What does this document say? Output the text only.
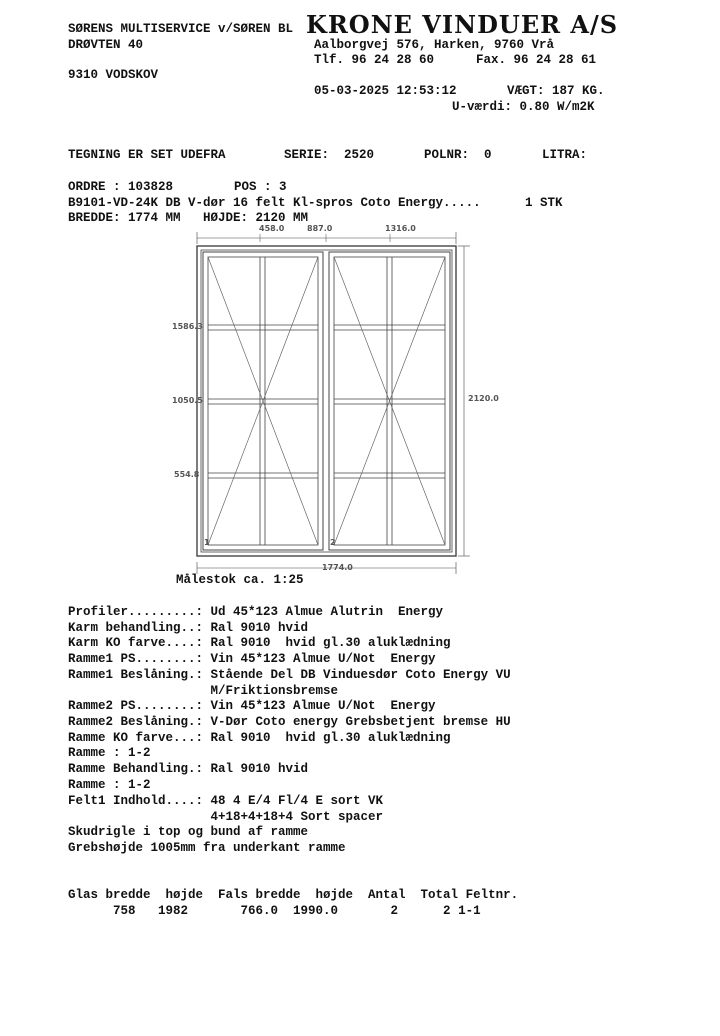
SØRENS MULTISERVICE v/SØREN BL
DRØVTEN 40
9310 VODSKOV
KRONE VINDUER A/S
Aalborgvej 576, Harken, 9760 Vrå
Tlf. 96 24 28 60	Fax. 96 24 28 61
05-03-2025 12:53:12	VÆGT: 187 KG.
U-værdi: 0.80 W/m2K
TEGNING ER SET UDEFRA	SERIE:  2520	POLNR:  0	LITRA:
ORDRE : 103828	POS : 3
B9101-VD-24K DB V-dør 16 felt Kl-spros Coto Energy.....	1 STK
BREDDE: 1774 MM   HØJDE: 2120 MM
458.0	887.0	1316.0
1586.3
1050.5
554.8
2120.0
1774.0
1	2
Målestok ca. 1:25
Profiler.........: Ud 45*123 Almue Alutrin  Energy
Karm behandling..: Ral 9010 hvid
Karm KO farve....: Ral 9010  hvid gl.30 aluklædning
Ramme1 PS........: Vin 45*123 Almue U/Not  Energy
Ramme1 Beslåning.: Stående Del DB Vinduesdør Coto Energy VU
M/Friktionsbremse
Ramme2 PS........: Vin 45*123 Almue U/Not  Energy
Ramme2 Beslåning.: V-Dør Coto energy Grebsbetjent bremse HU
Ramme KO farve...: Ral 9010  hvid gl.30 aluklædning
Ramme : 1-2
Ramme Behandling.: Ral 9010 hvid
Ramme : 1-2
Felt1 Indhold....: 48 4 E/4 Fl/4 E sort VK
4+18+4+18+4 Sort spacer
Skudrigle i top og bund af ramme
Grebshøjde 1005mm fra underkant ramme
Glas bredde  højde  Fals bredde  højde  Antal  Total Feltnr.
758   1982       766.0  1990.0       2      2 1-1
